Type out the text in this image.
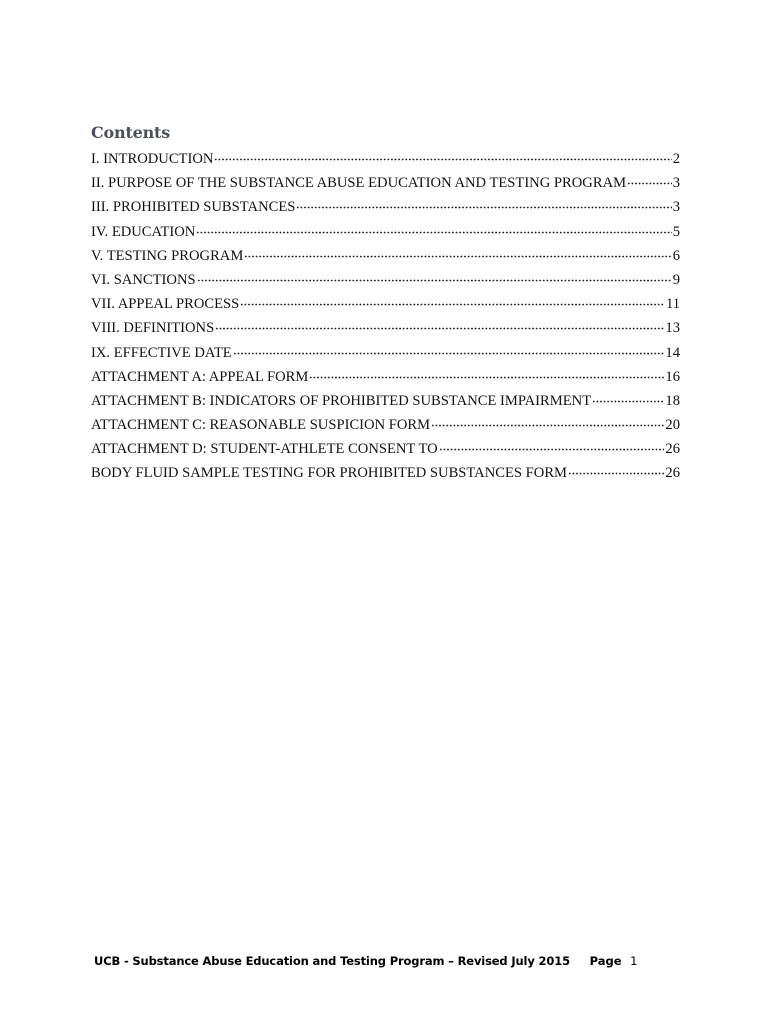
Contents
I. INTRODUCTION	2
II. PURPOSE OF THE SUBSTANCE ABUSE EDUCATION AND TESTING PROGRAM	3
III. PROHIBITED SUBSTANCES	3
IV. EDUCATION	5
V. TESTING PROGRAM	6
VI. SANCTIONS	9
VII. APPEAL PROCESS	11
VIII. DEFINITIONS	13
IX. EFFECTIVE DATE	14
ATTACHMENT A: APPEAL FORM	16
ATTACHMENT B: INDICATORS OF PROHIBITED SUBSTANCE IMPAIRMENT	18
ATTACHMENT C: REASONABLE SUSPICION FORM	20
ATTACHMENT D: STUDENT-ATHLETE CONSENT TO	26
BODY FLUID SAMPLE TESTING FOR PROHIBITED SUBSTANCES FORM	26
UCB - Substance Abuse Education and Testing Program – Revised July 2015 Page 1
